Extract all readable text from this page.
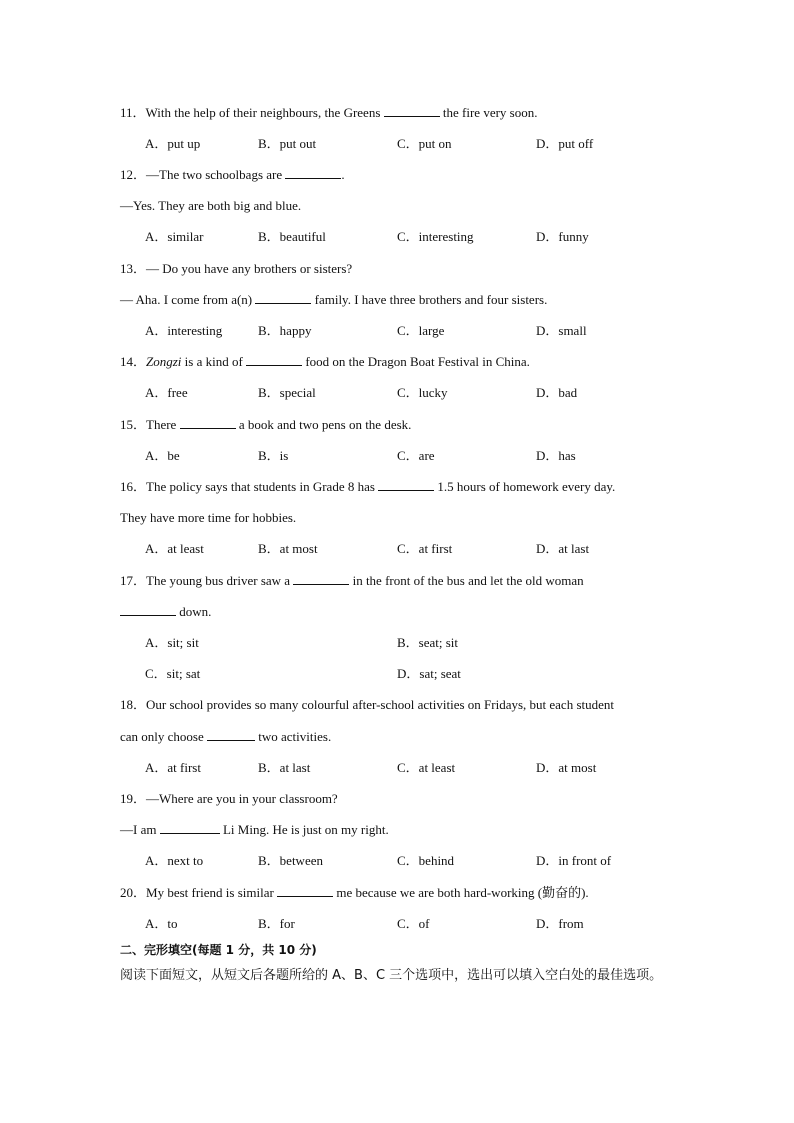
11．With the help of their neighbours, the Greens	the fire very soon.
A．put up	B．put out	C．put on	D．put off
12．—The two schoolbags are	.
—Yes. They are both big and blue.
A．similar	B．beautiful	C．interesting	D．funny
13．— Do you have any brothers or sisters?
— Aha. I come from a(n)	family. I have three brothers and four sisters.
A．interesting	B．happy	C．large	D．small
14．Zongzi is a kind of	food on the Dragon Boat Festival in China.
A．free	B．special	C．lucky	D．bad
15．There	a book and two pens on the desk.
A．be	B．is	C．are	D．has
16．The policy says that students in Grade 8 has	1.5 hours of homework every day.
They have more time for hobbies.
A．at least	B．at most	C．at first	D．at last
17．The young bus driver saw a	in the front of the bus and let the old woman
down.
A．sit; sit	B．seat; sit
C．sit; sat	D．sat; seat
18．Our school provides so many colourful after-school activities on Fridays, but each student
can only choose	two activities.
A．at first	B．at last	C．at least	D．at most
19．—Where are you in your classroom?
—I am	Li Ming. He is just on my right.
A．next to	B．between	C．behind	D．in front of
20．My best friend is similar	me because we are both hard-working (勤奋的).
A．to	B．for	C．of	D．from
二、完形填空(每题 1 分，共 10 分)
阅读下面短文，从短文后各题所给的 A、B、C 三个选项中，选出可以填入空白处的最佳选项。
